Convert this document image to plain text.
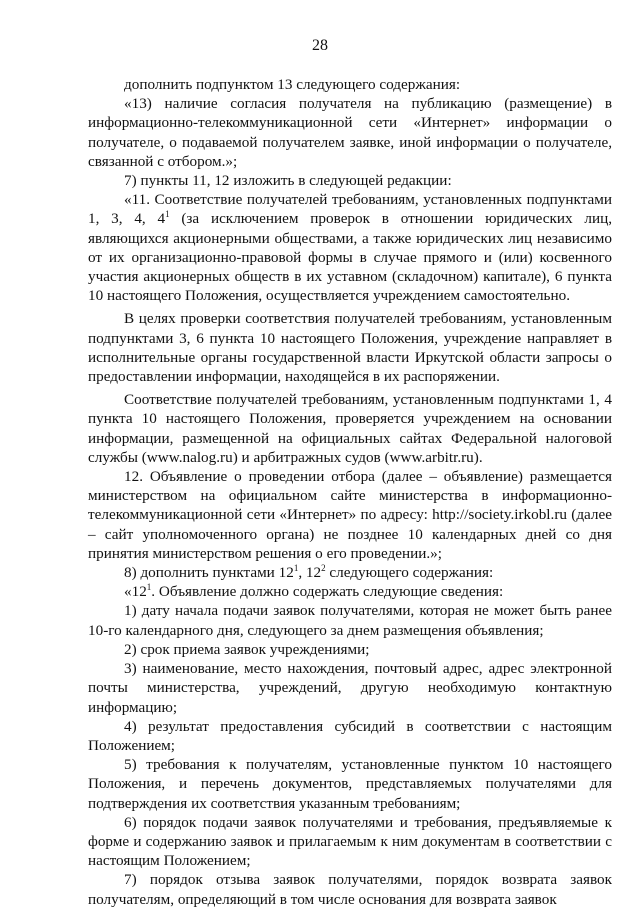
28

дополнить подпунктом 13 следующего содержания:

«13) наличие согласия получателя на публикацию (размещение) в информационно-телекоммуникационной сети «Интернет» информации о получателе, о подаваемой получателем заявке, иной информации о получателе, связанной с отбором.»;

7) пункты 11, 12 изложить в следующей редакции:

«11. Соответствие получателей требованиям, установленных подпунктами 1, 3, 4, $4^1$ (за исключением проверок в отношении юридических лиц, являющихся акционерными обществами, а также юридических лиц независимо от их организационно-правовой формы в случае прямого и (или) косвенного участия акционерных обществ в их уставном (складочном) капитале), 6 пункта 10 настоящего Положения, осуществляется учреждением самостоятельно.

В целях проверки соответствия получателей требованиям, установленным подпунктами 3, 6 пункта 10 настоящего Положения, учреждение направляет в исполнительные органы государственной власти Иркутской области запросы о предоставлении информации, находящейся в их распоряжении.

Соответствие получателей требованиям, установленным подпунктами 1, 4 пункта 10 настоящего Положения, проверяется учреждением на основании информации, размещенной на официальных сайтах Федеральной налоговой службы (www.nalog.ru) и арбитражных судов (www.arbitr.ru).

12. Объявление о проведении отбора (далее – объявление) размещается министерством на официальном сайте министерства в информационно-телекоммуникационной сети «Интернет» по адресу: http://society.irkobl.ru (далее – сайт уполномоченного органа) не позднее 10 календарных дней со дня принятия министерством решения о его проведении.»;

8) дополнить пунктами $12^1$, $12^2$ следующего содержания:

«$12^1$. Объявление должно содержать следующие сведения:

1) дату начала подачи заявок получателями, которая не может быть ранее 10-го календарного дня, следующего за днем размещения объявления;

2) срок приема заявок учреждениями;

3) наименование, место нахождения, почтовый адрес, адрес электронной почты министерства, учреждений, другую необходимую контактную информацию;

4) результат предоставления субсидий в соответствии с настоящим Положением;

5) требования к получателям, установленные пунктом 10 настоящего Положения, и перечень документов, представляемых получателями для подтверждения их соответствия указанным требованиям;

6) порядок подачи заявок получателями и требования, предъявляемые к форме и содержанию заявок и прилагаемым к ним документам в соответствии с настоящим Положением;

7) порядок отзыва заявок получателями, порядок возврата заявок получателям, определяющий в том числе основания для возврата заявок
